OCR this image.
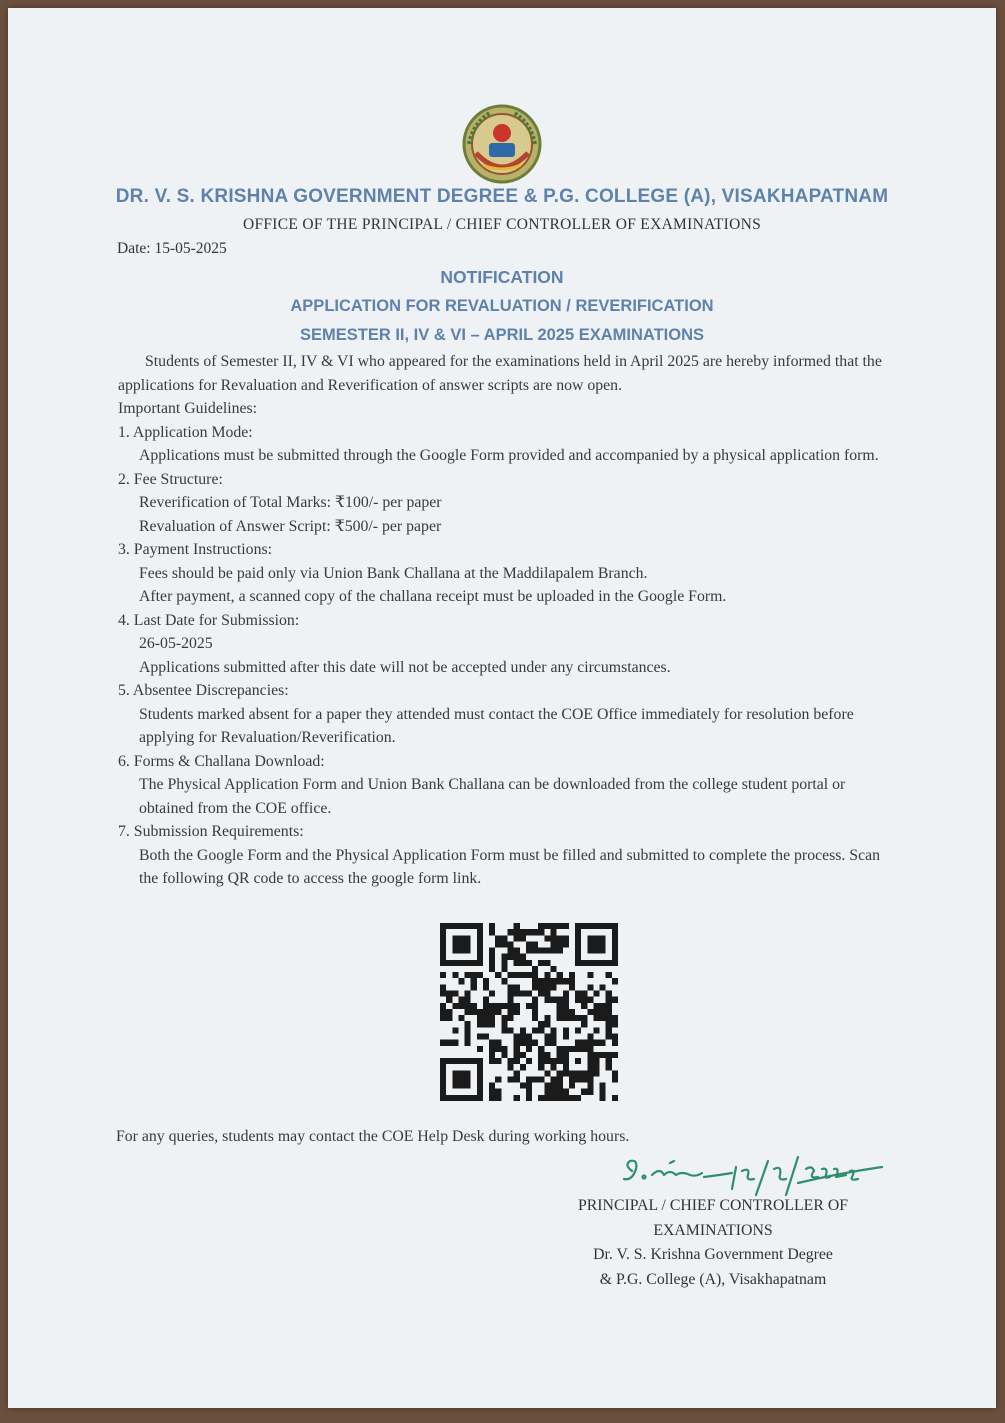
DR. V. S. KRISHNA GOVERNMENT DEGREE & P.G. COLLEGE (A), VISAKHAPATNAM
OFFICE OF THE PRINCIPAL / CHIEF CONTROLLER OF EXAMINATIONS
Date: 15-05-2025
NOTIFICATION
APPLICATION FOR REVALUATION / REVERIFICATION
SEMESTER II, IV & VI – APRIL 2025 EXAMINATIONS
Students of Semester II, IV & VI who appeared for the examinations held in April 2025 are hereby informed that the applications for Revaluation and Reverification of answer scripts are now open.
Important Guidelines:
1. Application Mode:
Applications must be submitted through the Google Form provided and accompanied by a physical application form.
2. Fee Structure:
Reverification of Total Marks: ₹100/- per paper
Revaluation of Answer Script: ₹500/- per paper
3. Payment Instructions:
Fees should be paid only via Union Bank Challana at the Maddilapalem Branch.
After payment, a scanned copy of the challana receipt must be uploaded in the Google Form.
4. Last Date for Submission:
26-05-2025
Applications submitted after this date will not be accepted under any circumstances.
5. Absentee Discrepancies:
Students marked absent for a paper they attended must contact the COE Office immediately for resolution before applying for Revaluation/Reverification.
6. Forms & Challana Download:
The Physical Application Form and Union Bank Challana can be downloaded from the college student portal or obtained from the COE office.
7. Submission Requirements:
Both the Google Form and the Physical Application Form must be filled and submitted to complete the process. Scan the following QR code to access the google form link.
For any queries, students may contact the COE Help Desk during working hours.
PRINCIPAL / CHIEF CONTROLLER OF
EXAMINATIONS
Dr. V. S. Krishna Government Degree
& P.G. College (A), Visakhapatnam
